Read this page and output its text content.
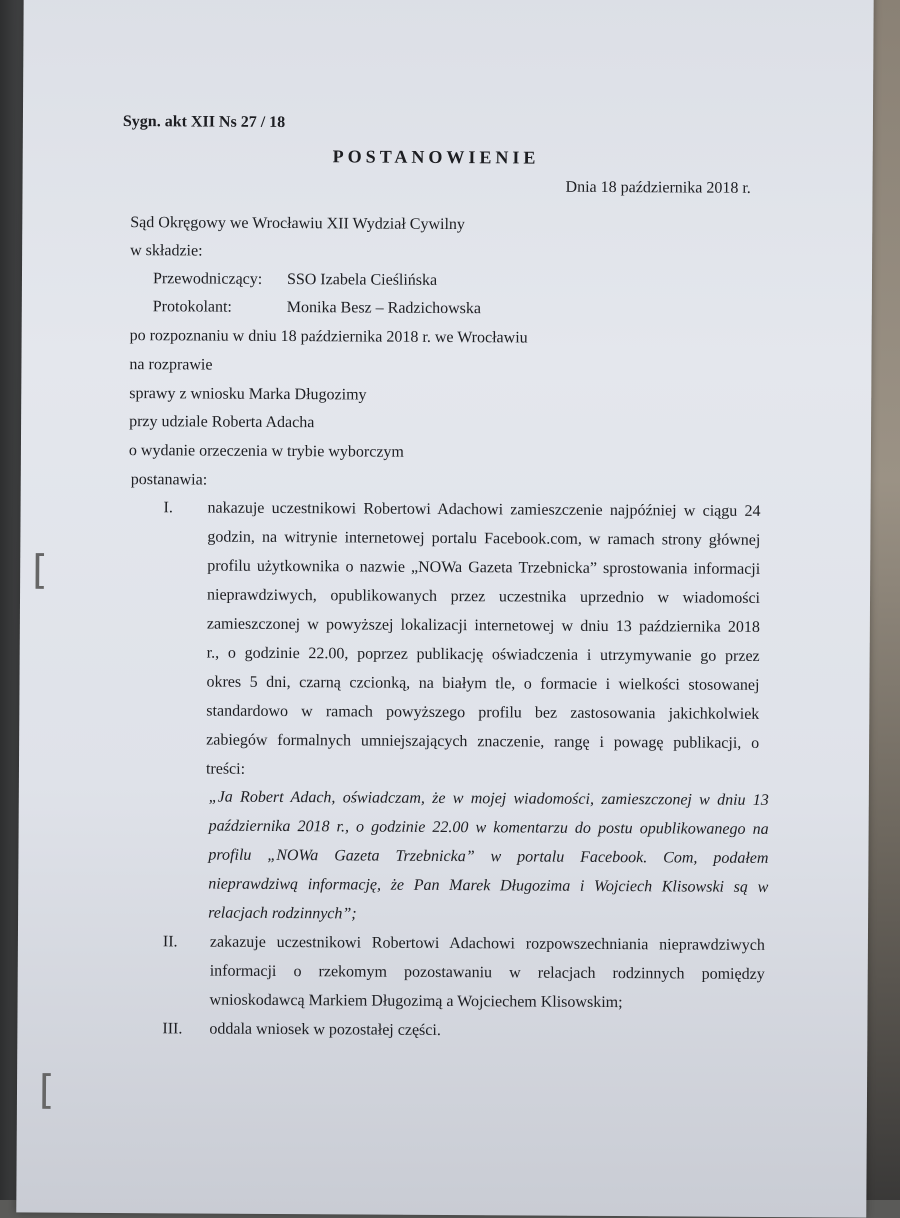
[
[
Sygn. akt XII Ns 27 / 18
POSTANOWIENIE
Dnia 18 października 2018 r.
Sąd Okręgowy we Wrocławiu XII Wydział Cywilny
w składzie:
Przewodniczący: SSO Izabela Cieślińska
Protokolant:	Monika Besz – Radzichowska
po rozpoznaniu w dniu 18 października 2018 r. we Wrocławiu
na rozprawie
sprawy z wniosku Marka Długozimy
przy udziale Roberta Adacha
o wydanie orzeczenia w trybie wyborczym
postanawia:
I. nakazuje uczestnikowi Robertowi Adachowi zamieszczenie najpóźniej w ciągu 24
godzin, na witrynie internetowej portalu Facebook.com, w ramach strony głównej
profilu użytkownika o nazwie „NOWa Gazeta Trzebnicka” sprostowania informacji
nieprawdziwych, opublikowanych przez uczestnika uprzednio w wiadomości
zamieszczonej w powyższej lokalizacji internetowej w dniu 13 października 2018
r., o godzinie 22.00, poprzez publikację oświadczenia i utrzymywanie go przez
okres 5 dni, czarną czcionką, na białym tle, o formacie i wielkości stosowanej
standardowo w ramach powyższego profilu bez zastosowania jakichkolwiek
zabiegów formalnych umniejszających znaczenie, rangę i powagę publikacji, o
treści:
„Ja Robert Adach, oświadczam, że w mojej wiadomości, zamieszczonej w dniu 13
października 2018 r., o godzinie 22.00 w komentarzu do postu opublikowanego na
profilu „NOWa Gazeta Trzebnicka” w portalu Facebook. Com, podałem
nieprawdziwą informację, że Pan Marek Długozima i Wojciech Klisowski są w
relacjach rodzinnych”;
II. zakazuje uczestnikowi Robertowi Adachowi rozpowszechniania nieprawdziwych
informacji o rzekomym pozostawaniu w relacjach rodzinnych pomiędzy
wnioskodawcą Markiem Długozimą a Wojciechem Klisowskim;
III. oddala wniosek w pozostałej części.
